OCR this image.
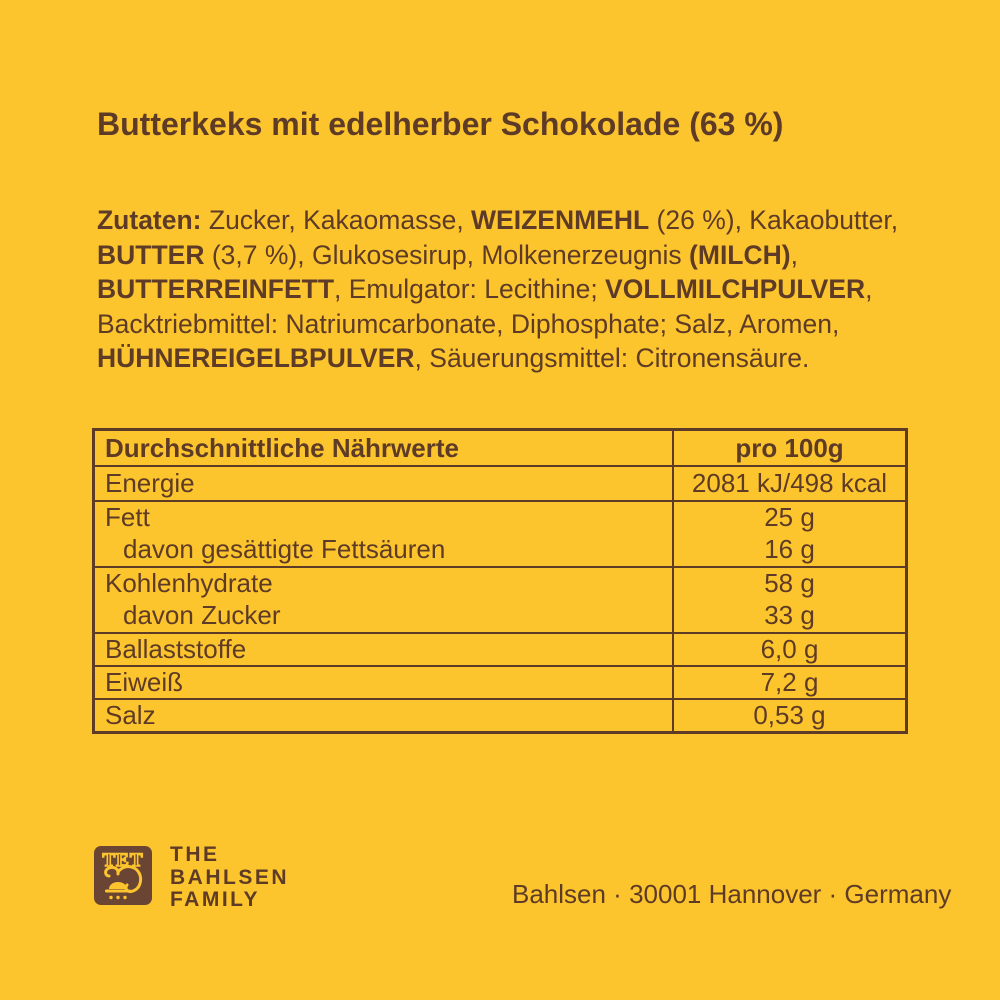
Butterkeks mit edelherber Schokolade (63 %)
Zutaten: Zucker, Kakaomasse, WEIZENMEHL (26 %), Kakaobutter,
BUTTER (3,7 %), Glukosesirup, Molkenerzeugnis (MILCH),
BUTTERREINFETT, Emulgator: Lecithine; VOLLMILCHPULVER,
Backtriebmittel: Natriumcarbonate, Diphosphate; Salz, Aromen,
HÜHNEREIGELBPULVER, Säuerungsmittel: Citronensäure.
Durchschnittliche Nährwerte	pro 100g
Energie	2081 kJ/498 kcal
Fett	25 g
davon gesättigte Fettsäuren	16 g
Kohlenhydrate	58 g
davon Zucker	33 g
Ballaststoffe	6,0 g
Eiweiß	7,2 g
Salz	0,53 g
TET THE
BAHLSEN
FAMILY	Bahlsen · 30001 Hannover · Germany
